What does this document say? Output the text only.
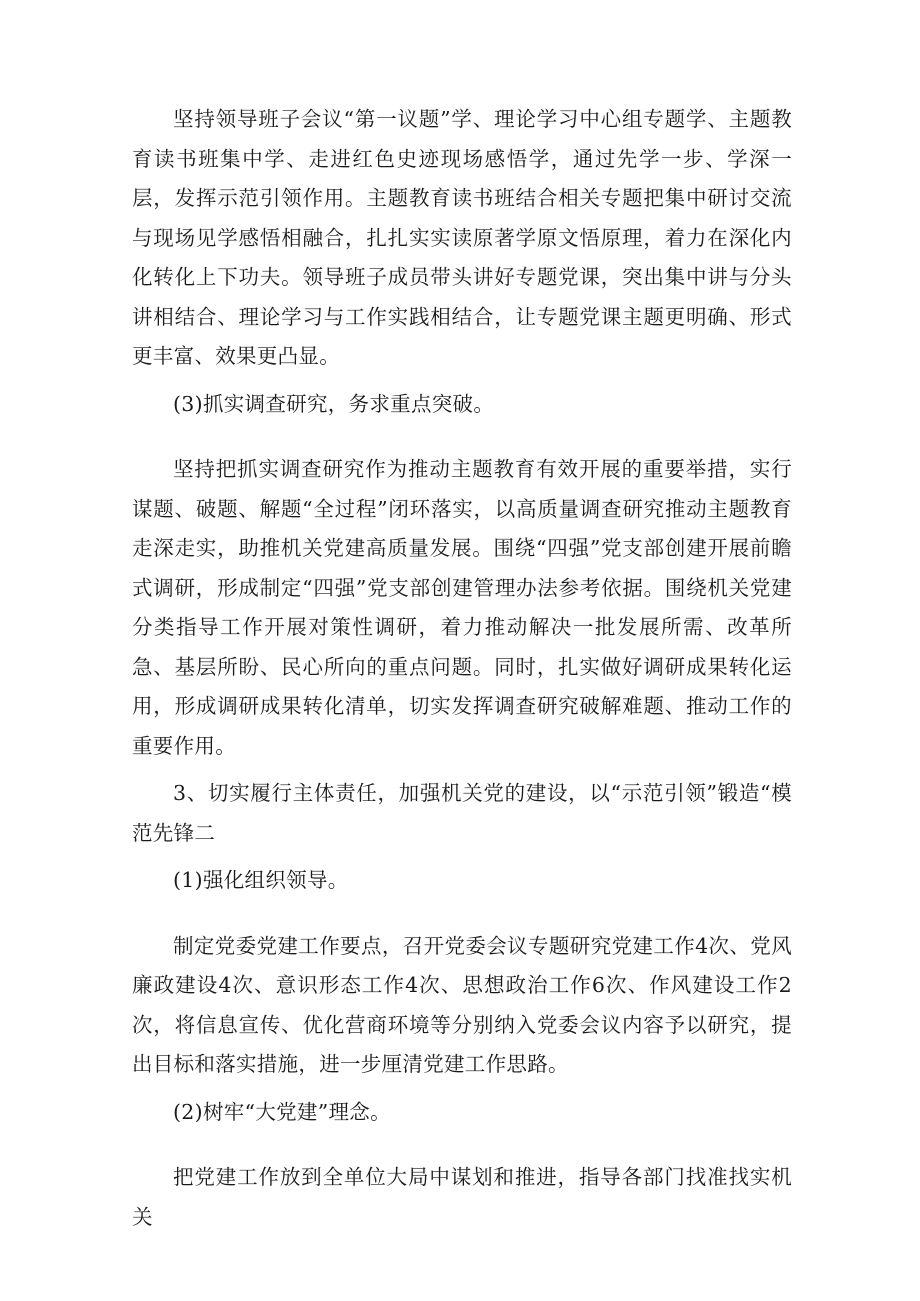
坚持领导班子会议“第一议题”学、理论学习中心组专题学、主题教育读书班集中学、走进红色史迹现场感悟学，通过先学一步、学深一层，发挥示范引领作用。主题教育读书班结合相关专题把集中研讨交流与现场见学感悟相融合，扎扎实实读原著学原文悟原理，着力在深化内化转化上下功夫。领导班子成员带头讲好专题党课，突出集中讲与分头讲相结合、理论学习与工作实践相结合，让专题党课主题更明确、形式更丰富、效果更凸显。

(3)抓实调查研究，务求重点突破。

坚持把抓实调查研究作为推动主题教育有效开展的重要举措，实行谋题、破题、解题“全过程”闭环落实，以高质量调查研究推动主题教育走深走实，助推机关党建高质量发展。围绕“四强”党支部创建开展前瞻式调研，形成制定“四强”党支部创建管理办法参考依据。围绕机关党建分类指导工作开展对策性调研，着力推动解决一批发展所需、改革所急、基层所盼、民心所向的重点问题。同时，扎实做好调研成果转化运用，形成调研成果转化清单，切实发挥调查研究破解难题、推动工作的重要作用。

3、切实履行主体责任，加强机关党的建设，以“示范引领”锻造“模范先锋二

(1)强化组织领导。

制定党委党建工作要点，召开党委会议专题研究党建工作4次、党风廉政建设4次、意识形态工作4次、思想政治工作6次、作风建设工作2次，将信息宣传、优化营商环境等分别纳入党委会议内容予以研究，提出目标和落实措施，进一步厘清党建工作思路。

(2)树牢“大党建”理念。

把党建工作放到全单位大局中谋划和推进，指导各部门找准找实机关
